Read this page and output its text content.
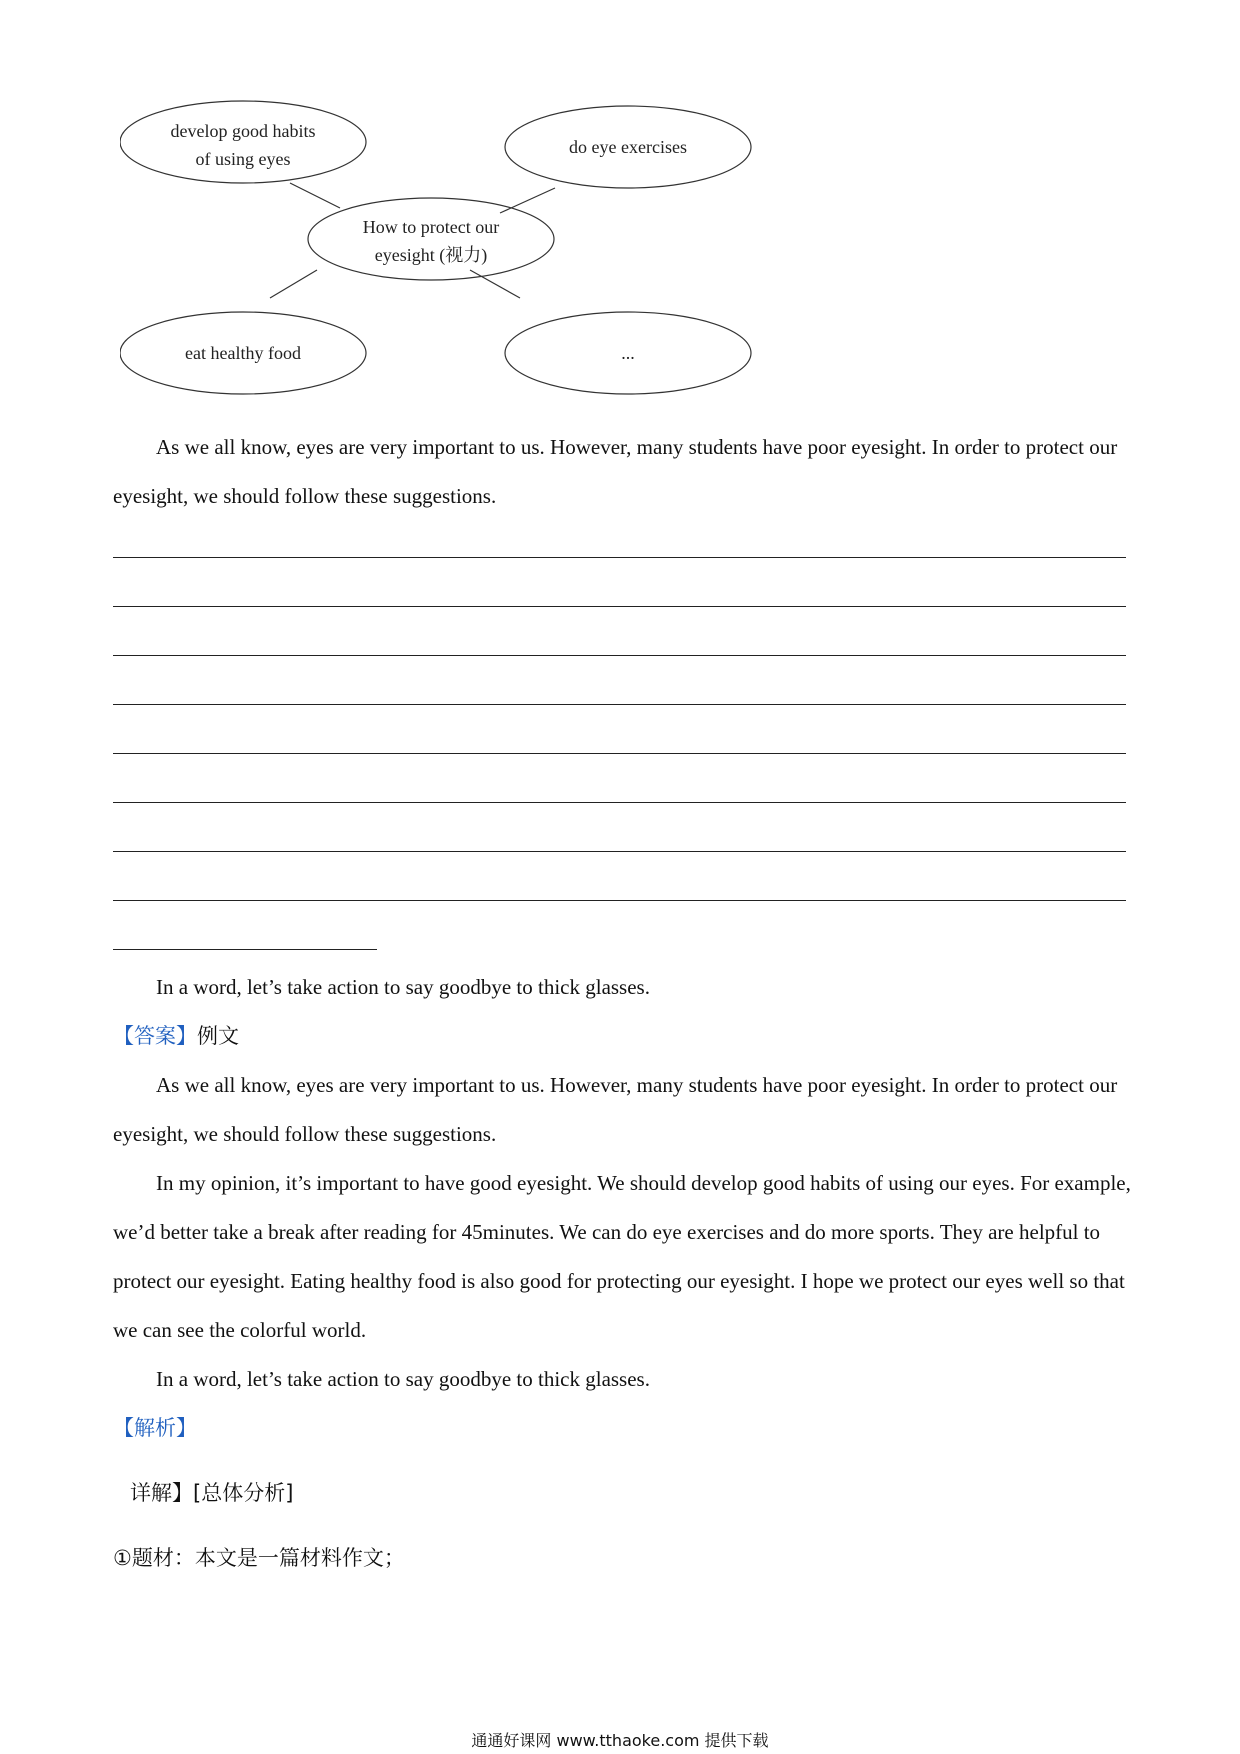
develop good habits
of using eyes
do eye exercises
How to protect our
eyesight (视力)
eat healthy food	...

As we all know, eyes are very important to us. However, many students have poor eyesight. In order to protect our eyesight, we should follow these suggestions.

In a word, let’s take action to say goodbye to thick glasses.

【答案】例文

As we all know, eyes are very important to us. However, many students have poor eyesight. In order to protect our eyesight, we should follow these suggestions.

In my opinion, it’s important to have good eyesight. We should develop good habits of using our eyes. For example, we’d better take a break after reading for 45minutes. We can do eye exercises and do more sports. They are helpful to protect our eyesight. Eating healthy food is also good for protecting our eyesight. I hope we protect our eyes well so that we can see the colorful world.

In a word, let’s take action to say goodbye to thick glasses.

【解析】

详解】[总体分析]

①题材：本文是一篇材料作文；

通通好课网 www.tthaoke.com 提供下载
